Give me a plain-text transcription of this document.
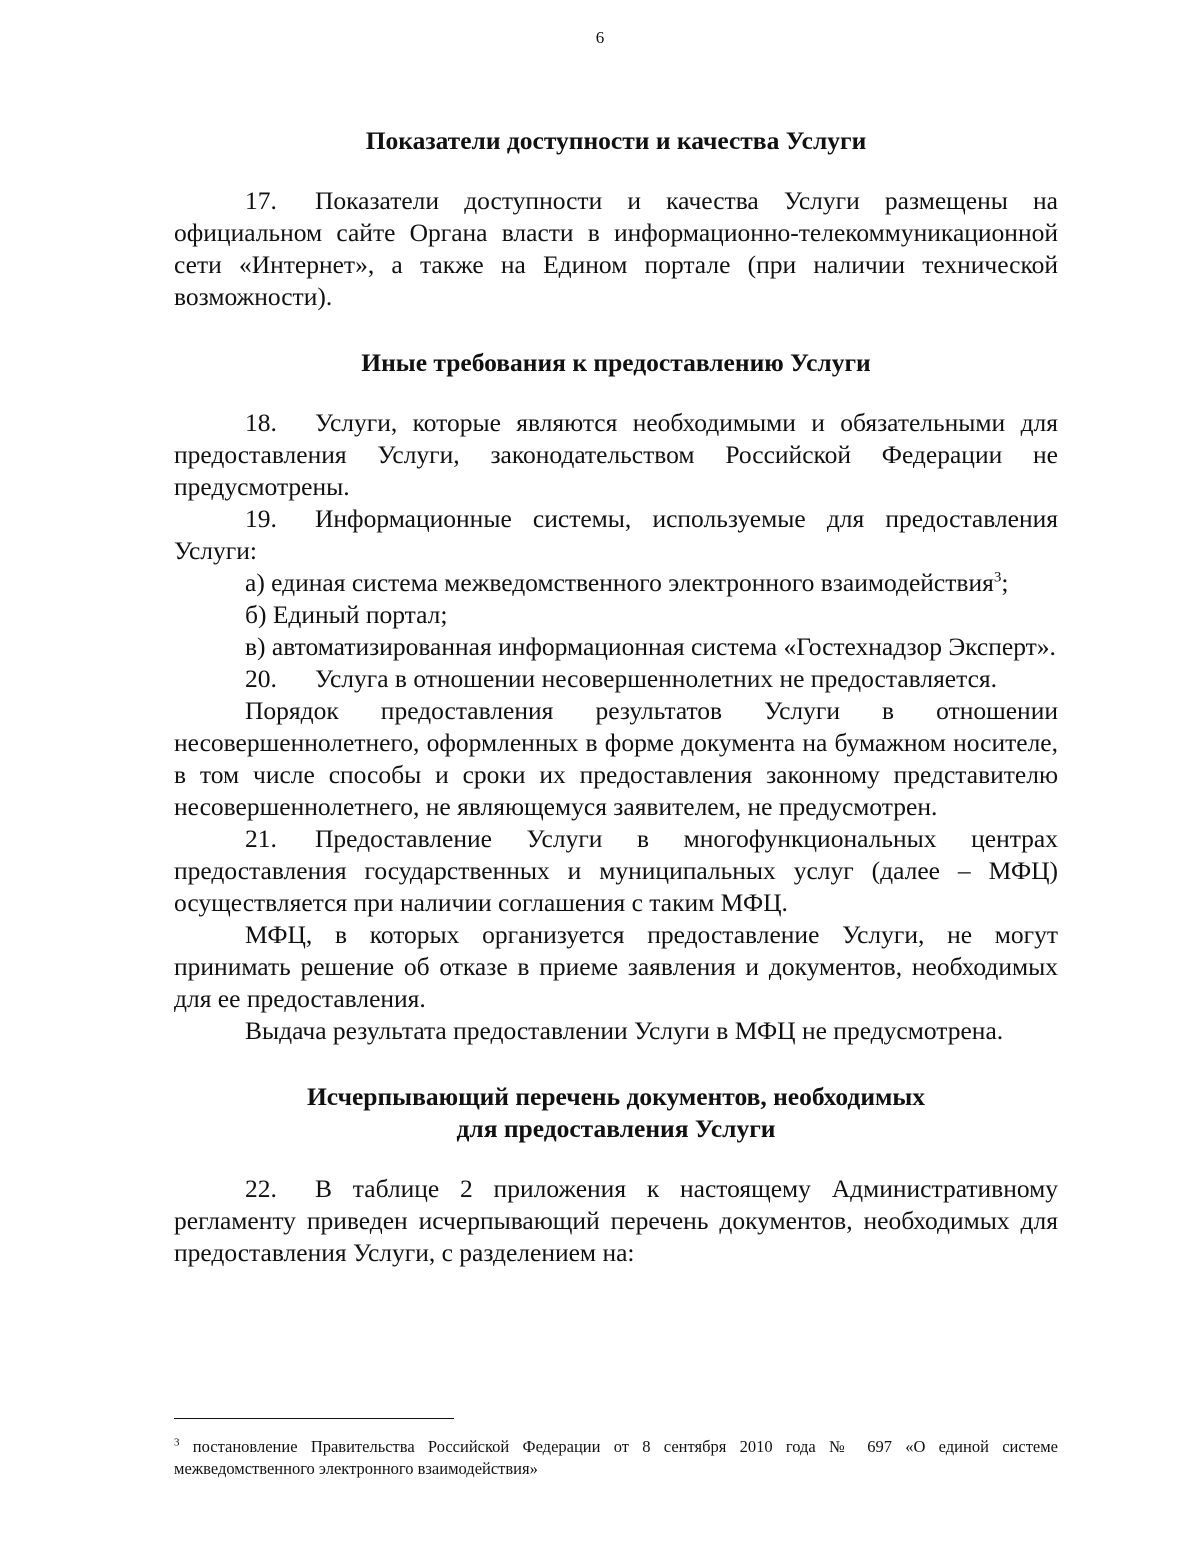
6
Показатели доступности и качества Услуги

17. Показатели доступности и качества Услуги размещены на официальном сайте Органа власти в информационно-телекоммуникационной сети «Интернет», а также на Едином портале (при наличии технической возможности).

Иные требования к предоставлению Услуги

18. Услуги, которые являются необходимыми и обязательными для предоставления Услуги, законодательством Российской Федерации не предусмотрены.

19. Информационные системы, используемые для предоставления Услуги:

а) единая система межведомственного электронного взаимодействия$^3$;

б) Единый портал;

в) автоматизированная информационная система «Гостехнадзор Эксперт».

20. Услуга в отношении несовершеннолетних не предоставляется.

Порядок предоставления результатов Услуги в отношении несовершеннолетнего, оформленных в форме документа на бумажном носителе, в том числе способы и сроки их предоставления законному представителю несовершеннолетнего, не являющемуся заявителем, не предусмотрен.

21. Предоставление Услуги в многофункциональных центрах предоставления государственных и муниципальных услуг (далее – МФЦ) осуществляется при наличии соглашения с таким МФЦ.

МФЦ, в которых организуется предоставление Услуги, не могут принимать решение об отказе в приеме заявления и документов, необходимых для ее предоставления.

Выдача результата предоставлении Услуги в МФЦ не предусмотрена.

Исчерпывающий перечень документов, необходимых
для предоставления Услуги

22. В таблице 2 приложения к настоящему Административному регламенту приведен исчерпывающий перечень документов, необходимых для предоставления Услуги, с разделением на:

$^3$ постановление Правительства Российской Федерации от 8 сентября 2010 года № 697 «О единой системе межведомственного электронного взаимодействия»
